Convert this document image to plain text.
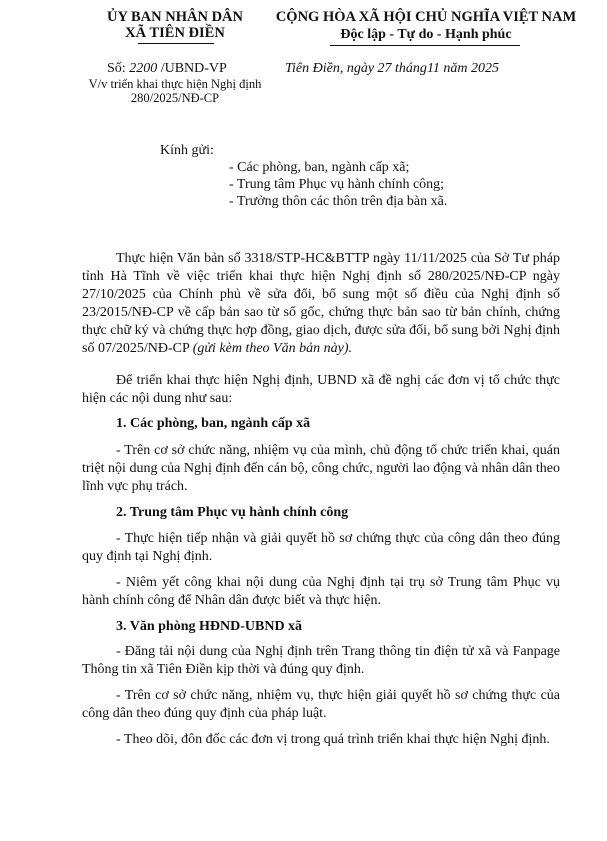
ỦY BAN NHÂN DÂN
XÃ TIÊN ĐIỀN
Số: 2200 /UBND-VP
V/v triển khai thực hiện Nghị định 280/2025/NĐ-CP
CỘNG HÒA XÃ HỘI CHỦ NGHĨA VIỆT NAM
Độc lập - Tự do - Hạnh phúc
Tiên Điền, ngày 27 tháng11 năm 2025
Kính gửi:
- Các phòng, ban, ngành cấp xã;
- Trung tâm Phục vụ hành chính công;
- Trưởng thôn các thôn trên địa bàn xã.
Thực hiện Văn bản số 3318/STP-HC&BTTP ngày 11/11/2025 của Sở Tư pháp tỉnh Hà Tĩnh về việc triển khai thực hiện Nghị định số 280/2025/NĐ-CP ngày 27/10/2025 của Chính phủ về sửa đổi, bổ sung một số điều của Nghị định số 23/2015/NĐ-CP về cấp bản sao từ sổ gốc, chứng thực bản sao từ bản chính, chứng thực chữ ký và chứng thực hợp đồng, giao dịch, được sửa đổi, bổ sung bởi Nghị định số 07/2025/NĐ-CP (gửi kèm theo Văn bản này).
Để triển khai thực hiện Nghị định, UBND xã đề nghị các đơn vị tổ chức thực hiện các nội dung như sau:
1. Các phòng, ban, ngành cấp xã
- Trên cơ sở chức năng, nhiệm vụ của mình, chủ động tổ chức triển khai, quán triệt nội dung của Nghị định đến cán bộ, công chức, người lao động và nhân dân theo lĩnh vực phụ trách.
2. Trung tâm Phục vụ hành chính công
- Thực hiện tiếp nhận và giải quyết hồ sơ chứng thực của công dân theo đúng quy định tại Nghị định.
- Niêm yết công khai nội dung của Nghị định tại trụ sở Trung tâm Phục vụ hành chính công để Nhân dân được biết và thực hiện.
3. Văn phòng HĐND-UBND xã
- Đăng tải nội dung của Nghị định trên Trang thông tin điện tử xã và Fanpage Thông tin xã Tiên Điền kịp thời và đúng quy định.
- Trên cơ sở chức năng, nhiệm vụ, thực hiện giải quyết hồ sơ chứng thực của công dân theo đúng quy định của pháp luật.
- Theo dõi, đôn đốc các đơn vị trong quá trình triển khai thực hiện Nghị định.
